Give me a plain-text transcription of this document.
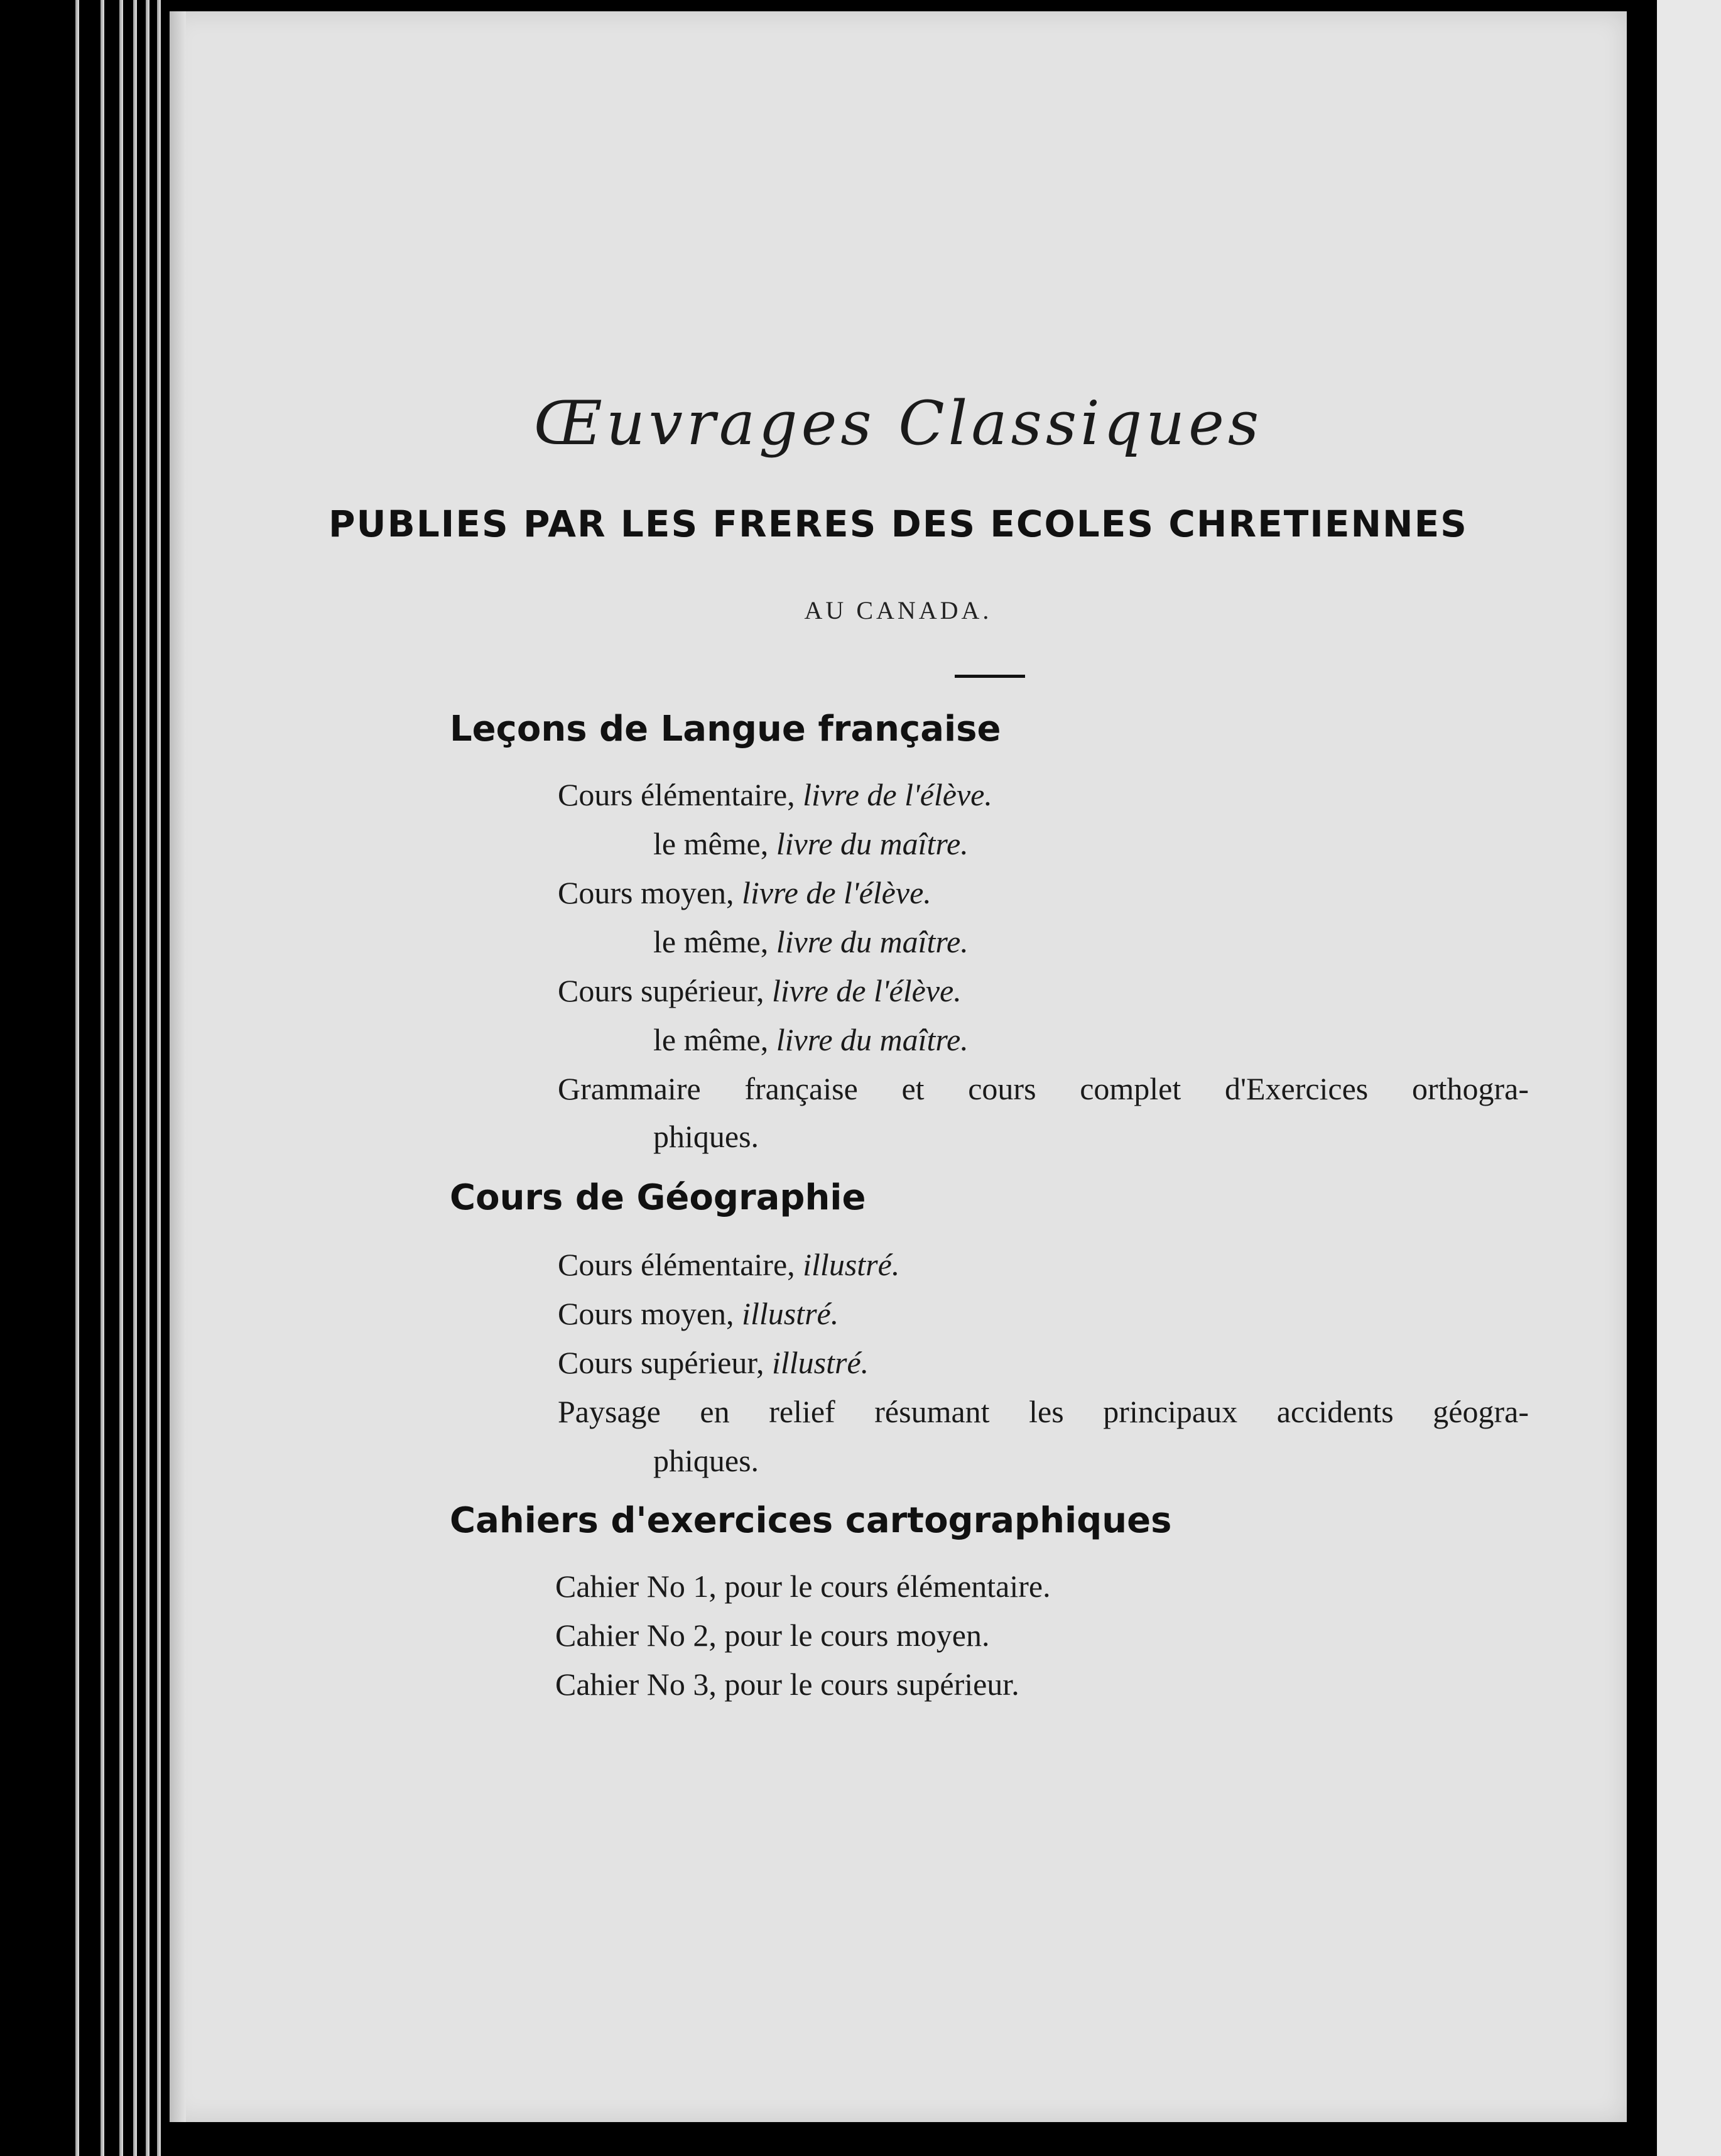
Œuvrages Classiques
PUBLIES PAR LES FRERES DES ECOLES CHRETIENNES
AU CANADA.
Leçons de Langue française
Cours élémentaire, livre de l'élève.
le même, livre du maître.
Cours moyen, livre de l'élève.
le même, livre du maître.
Cours supérieur, livre de l'élève.
le même, livre du maître.
Grammaire française et cours complet d'Exercices orthogra-
phiques.
Cours de Géographie
Cours élémentaire, illustré.
Cours moyen, illustré.
Cours supérieur, illustré.
Paysage en relief résumant les principaux accidents géogra-
phiques.
Cahiers d'exercices cartographiques
Cahier No 1, pour le cours élémentaire.
Cahier No 2, pour le cours moyen.
Cahier No 3, pour le cours supérieur.
